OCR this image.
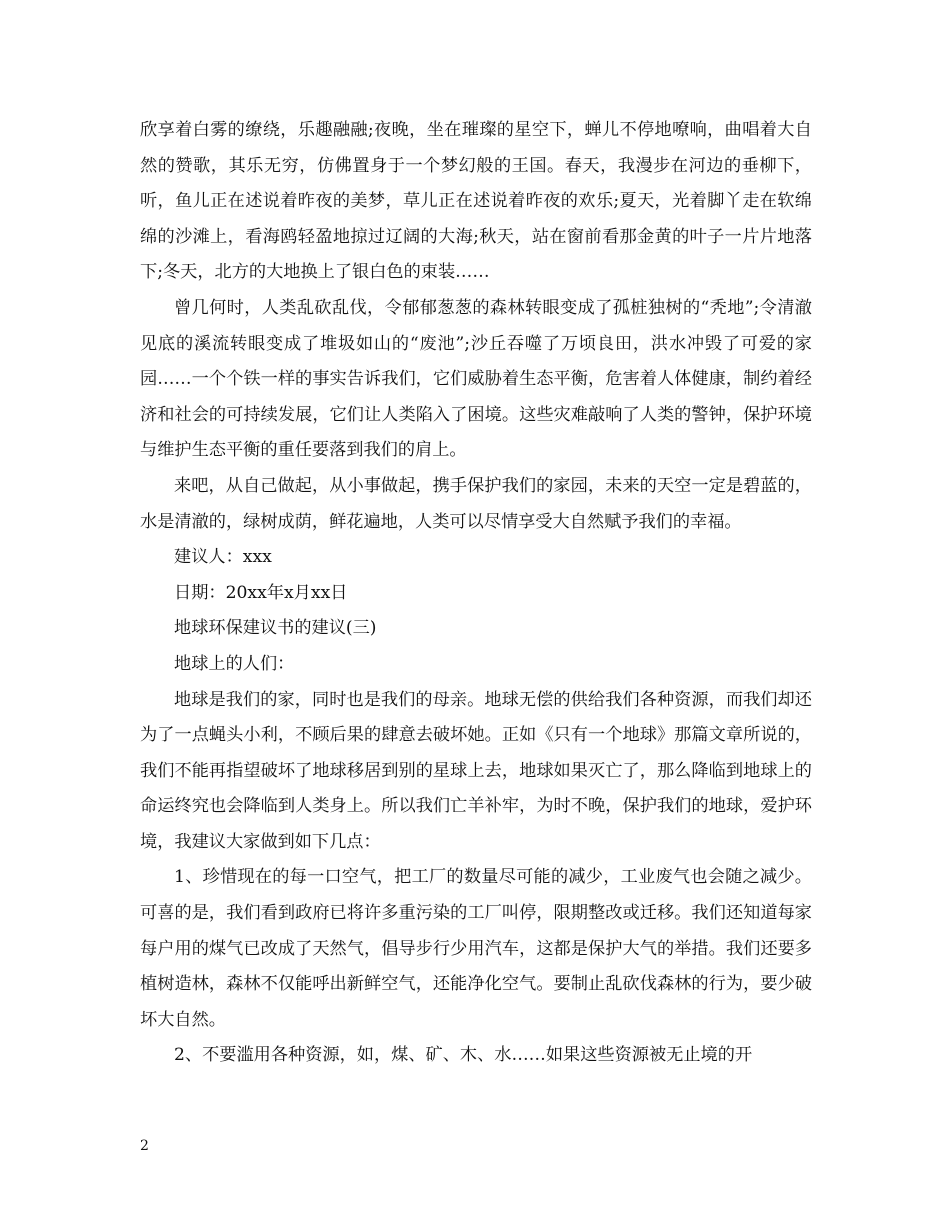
欣享着白雾的缭绕，乐趣融融;夜晚，坐在璀璨的星空下，蝉儿不停地嘹响，曲唱着大自然的赞歌，其乐无穷，仿佛置身于一个梦幻般的王国。春天，我漫步在河边的垂柳下，听，鱼儿正在述说着昨夜的美梦，草儿正在述说着昨夜的欢乐;夏天，光着脚丫走在软绵绵的沙滩上，看海鸥轻盈地掠过辽阔的大海;秋天，站在窗前看那金黄的叶子一片片地落下;冬天，北方的大地换上了银白色的束装……

曾几何时，人类乱砍乱伐，令郁郁葱葱的森林转眼变成了孤桩独树的“秃地”;令清澈见底的溪流转眼变成了堆圾如山的“废池”;沙丘吞噬了万顷良田，洪水冲毁了可爱的家园……一个个铁一样的事实告诉我们，它们威胁着生态平衡，危害着人体健康，制约着经济和社会的可持续发展，它们让人类陷入了困境。这些灾难敲响了人类的警钟，保护环境与维护生态平衡的重任要落到我们的肩上。

来吧，从自己做起，从小事做起，携手保护我们的家园，未来的天空一定是碧蓝的，水是清澈的，绿树成荫，鲜花遍地，人类可以尽情享受大自然赋予我们的幸福。

建议人：xxx

日期：20xx年x月xx日

地球环保建议书的建议(三)

地球上的人们：

地球是我们的家，同时也是我们的母亲。地球无偿的供给我们各种资源，而我们却还为了一点蝇头小利，不顾后果的肆意去破坏她。正如《只有一个地球》那篇文章所说的，我们不能再指望破坏了地球移居到别的星球上去，地球如果灭亡了，那么降临到地球上的命运终究也会降临到人类身上。所以我们亡羊补牢，为时不晚，保护我们的地球，爱护环境，我建议大家做到如下几点：

1、珍惜现在的每一口空气，把工厂的数量尽可能的减少，工业废气也会随之减少。可喜的是，我们看到政府已将许多重污染的工厂叫停，限期整改或迁移。我们还知道每家每户用的煤气已改成了天然气，倡导步行少用汽车，这都是保护大气的举措。我们还要多植树造林，森林不仅能呼出新鲜空气，还能净化空气。要制止乱砍伐森林的行为，要少破坏大自然。

2、不要滥用各种资源，如，煤、矿、木、水……如果这些资源被无止境的开

2
